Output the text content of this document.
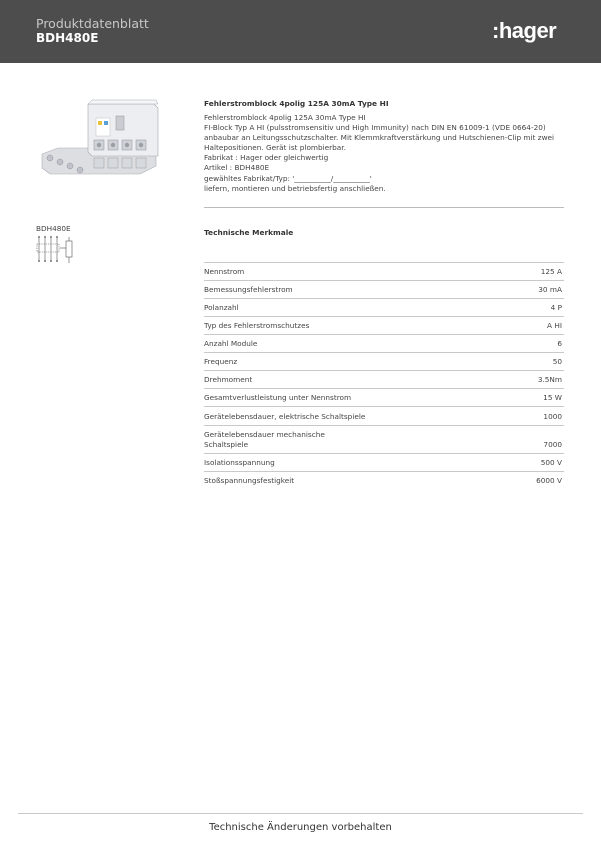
Produktdatenblatt
BDH480E	:hager
Fehlerstromblock 4polig 125A 30mA Type HI
Fehlerstromblock 4polig 125A 30mA Type HI
FI-Block Typ A HI (pulsstromsensitiv und High Immunity) nach DIN EN 61009-1 (VDE 0664-20)
anbaubar an Leitungsschutzschalter. Mit Klemmkraftverstärkung und Hutschienen-Clip mit zwei
Haltepositionen. Gerät ist plombierbar.
Fabrikat : Hager oder gleichwertig
Artikel : BDH480E
gewähltes Fabrikat/Typ: '__________/__________'
liefern, montieren und betriebsfertig anschließen.
BDH480E	Technische Merkmale
Nennstrom	125 A
Bemessungsfehlerstrom	30 mA
Polanzahl	4 P
Typ des Fehlerstromschutzes	A HI
Anzahl Module	6
Frequenz	50
Drehmoment	3.5Nm
Gesamtverlustleistung unter Nennstrom	15 W
Gerätelebensdauer, elektrische Schaltspiele	1000
Gerätelebensdauer mechanische
Schaltspiele	7000
Isolationsspannung	500 V
Stoßspannungsfestigkeit	6000 V
Technische Änderungen vorbehalten
